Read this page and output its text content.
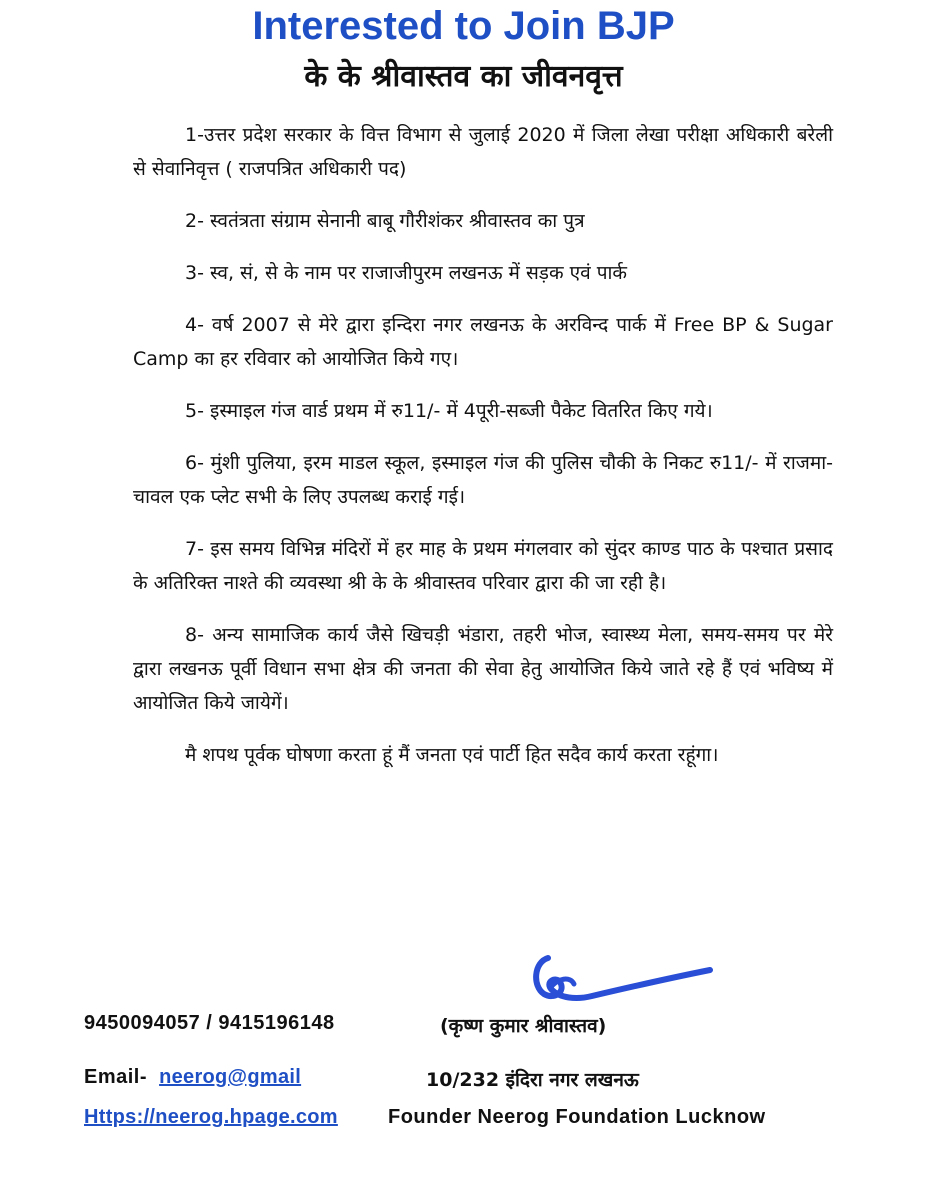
Interested to Join BJP
के के श्रीवास्तव का जीवनवृत्त

1-उत्तर प्रदेश सरकार के वित्त विभाग से जुलाई 2020 में जिला लेखा परीक्षा अधिकारी बरेली से सेवानिवृत्त ( राजपत्रित अधिकारी पद)

2- स्वतंत्रता संग्राम सेनानी बाबू गौरीशंकर श्रीवास्तव का पुत्र

3- स्व, सं, से के नाम पर राजाजीपुरम लखनऊ में सड़क एवं पार्क

4- वर्ष 2007 से मेरे द्वारा इन्दिरा नगर लखनऊ के अरविन्द पार्क में Free BP & Sugar Camp का हर रविवार को आयोजित किये गए।

5- इस्माइल गंज वार्ड प्रथम में रु11/- में 4पूरी-सब्जी पैकेट वितरित किए गये।

6- मुंशी पुलिया, इरम माडल स्कूल, इस्माइल गंज की पुलिस चौकी के निकट रु11/- में राजमा-चावल एक प्लेट सभी के लिए उपलब्ध कराई गई।

7- इस समय विभिन्न मंदिरों में हर माह के प्रथम मंगलवार को सुंदर काण्ड पाठ के पश्चात प्रसाद के अतिरिक्त नाश्ते की व्यवस्था श्री के के श्रीवास्तव परिवार द्वारा की जा रही है।

8- अन्य सामाजिक कार्य जैसे खिचड़ी भंडारा, तहरी भोज, स्वास्थ्य मेला, समय-समय पर मेरे द्वारा लखनऊ पूर्वी विधान सभा क्षेत्र की जनता की सेवा हेतु आयोजित किये जाते रहे हैं एवं भविष्य में आयोजित किये जायेगें।

मै शपथ पूर्वक घोषणा करता हूं मैं जनता एवं पार्टी हित सदैव कार्य करता रहूंगा।

9450094057 / 9415196148	(कृष्ण कुमार श्रीवास्तव)
Email- neerog@gmail	10/232 इंदिरा नगर लखनऊ
Https://neerog.hpage.com	Founder Neerog Foundation Lucknow
